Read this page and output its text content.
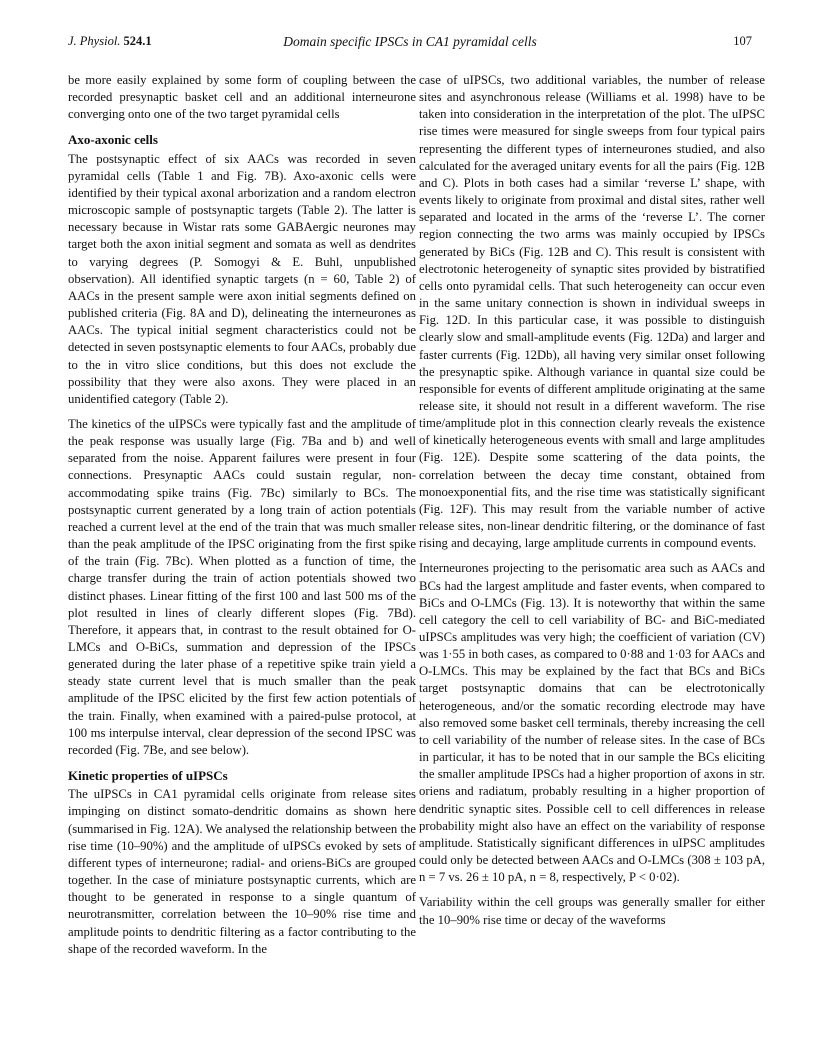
J. Physiol. 524.1	Domain specific IPSCs in CA1 pyramidal cells	107

be more easily explained by some form of coupling between the recorded presynaptic basket cell and an additional interneurone converging onto one of the two target pyramidal cells

Axo-axonic cells

The postsynaptic effect of six AACs was recorded in seven pyramidal cells (Table 1 and Fig. 7B). Axo-axonic cells were identified by their typical axonal arborization and a random electron microscopic sample of postsynaptic targets (Table 2). The latter is necessary because in Wistar rats some GABAergic neurones may target both the axon initial segment and somata as well as dendrites to varying degrees (P. Somogyi & E. Buhl, unpublished observation). All identified synaptic targets (n = 60, Table 2) of AACs in the present sample were axon initial segments defined on published criteria (Fig. 8A and D), delineating the interneurones as AACs. The typical initial segment characteristics could not be detected in seven postsynaptic elements to four AACs, probably due to the in vitro slice conditions, but this does not exclude the possibility that they were also axons. They were placed in an unidentified category (Table 2).

The kinetics of the uIPSCs were typically fast and the amplitude of the peak response was usually large (Fig. 7Ba and b) and well separated from the noise. Apparent failures were present in four connections. Presynaptic AACs could sustain regular, non-accommodating spike trains (Fig. 7Bc) similarly to BCs. The postsynaptic current generated by a long train of action potentials reached a current level at the end of the train that was much smaller than the peak amplitude of the IPSC originating from the first spike of the train (Fig. 7Bc). When plotted as a function of time, the charge transfer during the train of action potentials showed two distinct phases. Linear fitting of the first 100 and last 500 ms of the plot resulted in lines of clearly different slopes (Fig. 7Bd). Therefore, it appears that, in contrast to the result obtained for O-LMCs and O-BiCs, summation and depression of the IPSCs generated during the later phase of a repetitive spike train yield a steady state current level that is much smaller than the peak amplitude of the IPSC elicited by the first few action potentials of the train. Finally, when examined with a paired-pulse protocol, at 100 ms interpulse interval, clear depression of the second IPSC was recorded (Fig. 7Be, and see below).

Kinetic properties of uIPSCs

The uIPSCs in CA1 pyramidal cells originate from release sites impinging on distinct somato-dendritic domains as shown here (summarised in Fig. 12A). We analysed the relationship between the rise time (10–90%) and the amplitude of uIPSCs evoked by sets of different types of interneurone; radial- and oriens-BiCs are grouped together. In the case of miniature postsynaptic currents, which are thought to be generated in response to a single quantum of neurotransmitter, correlation between the 10–90% rise time and amplitude points to dendritic filtering as a factor contributing to the shape of the recorded waveform. In the

case of uIPSCs, two additional variables, the number of release sites and asynchronous release (Williams et al. 1998) have to be taken into consideration in the interpretation of the plot. The uIPSC rise times were measured for single sweeps from four typical pairs representing the different types of interneurones studied, and also calculated for the averaged unitary events for all the pairs (Fig. 12B and C). Plots in both cases had a similar ‘reverse L’ shape, with events likely to originate from proximal and distal sites, rather well separated and located in the arms of the ‘reverse L’. The corner region connecting the two arms was mainly occupied by IPSCs generated by BiCs (Fig. 12B and C). This result is consistent with electrotonic heterogeneity of synaptic sites provided by bistratified cells onto pyramidal cells. That such heterogeneity can occur even in the same unitary connection is shown in individual sweeps in Fig. 12D. In this particular case, it was possible to distinguish clearly slow and small-amplitude events (Fig. 12Da) and larger and faster currents (Fig. 12Db), all having very similar onset following the presynaptic spike. Although variance in quantal size could be responsible for events of different amplitude originating at the same release site, it should not result in a different waveform. The rise time/amplitude plot in this connection clearly reveals the existence of kinetically heterogeneous events with small and large amplitudes (Fig. 12E). Despite some scattering of the data points, the correlation between the decay time constant, obtained from monoexponential fits, and the rise time was statistically significant (Fig. 12F). This may result from the variable number of active release sites, non-linear dendritic filtering, or the dominance of fast rising and decaying, large amplitude currents in compound events.

Interneurones projecting to the perisomatic area such as AACs and BCs had the largest amplitude and faster events, when compared to BiCs and O-LMCs (Fig. 13). It is noteworthy that within the same cell category the cell to cell variability of BC- and BiC-mediated uIPSCs amplitudes was very high; the coefficient of variation (CV) was 1·55 in both cases, as compared to 0·88 and 1·03 for AACs and O-LMCs. This may be explained by the fact that BCs and BiCs target postsynaptic domains that can be electrotonically heterogeneous, and/or the somatic recording electrode may have also removed some basket cell terminals, thereby increasing the cell to cell variability of the number of release sites. In the case of BCs in particular, it has to be noted that in our sample the BCs eliciting the smaller amplitude IPSCs had a higher proportion of axons in str. oriens and radiatum, probably resulting in a higher proportion of dendritic synaptic sites. Possible cell to cell differences in release probability might also have an effect on the variability of response amplitude. Statistically significant differences in uIPSC amplitudes could only be detected between AACs and O-LMCs (308 ± 103 pA, n = 7 vs. 26 ± 10 pA, n = 8, respectively, P < 0·02).

Variability within the cell groups was generally smaller for either the 10–90% rise time or decay of the waveforms
